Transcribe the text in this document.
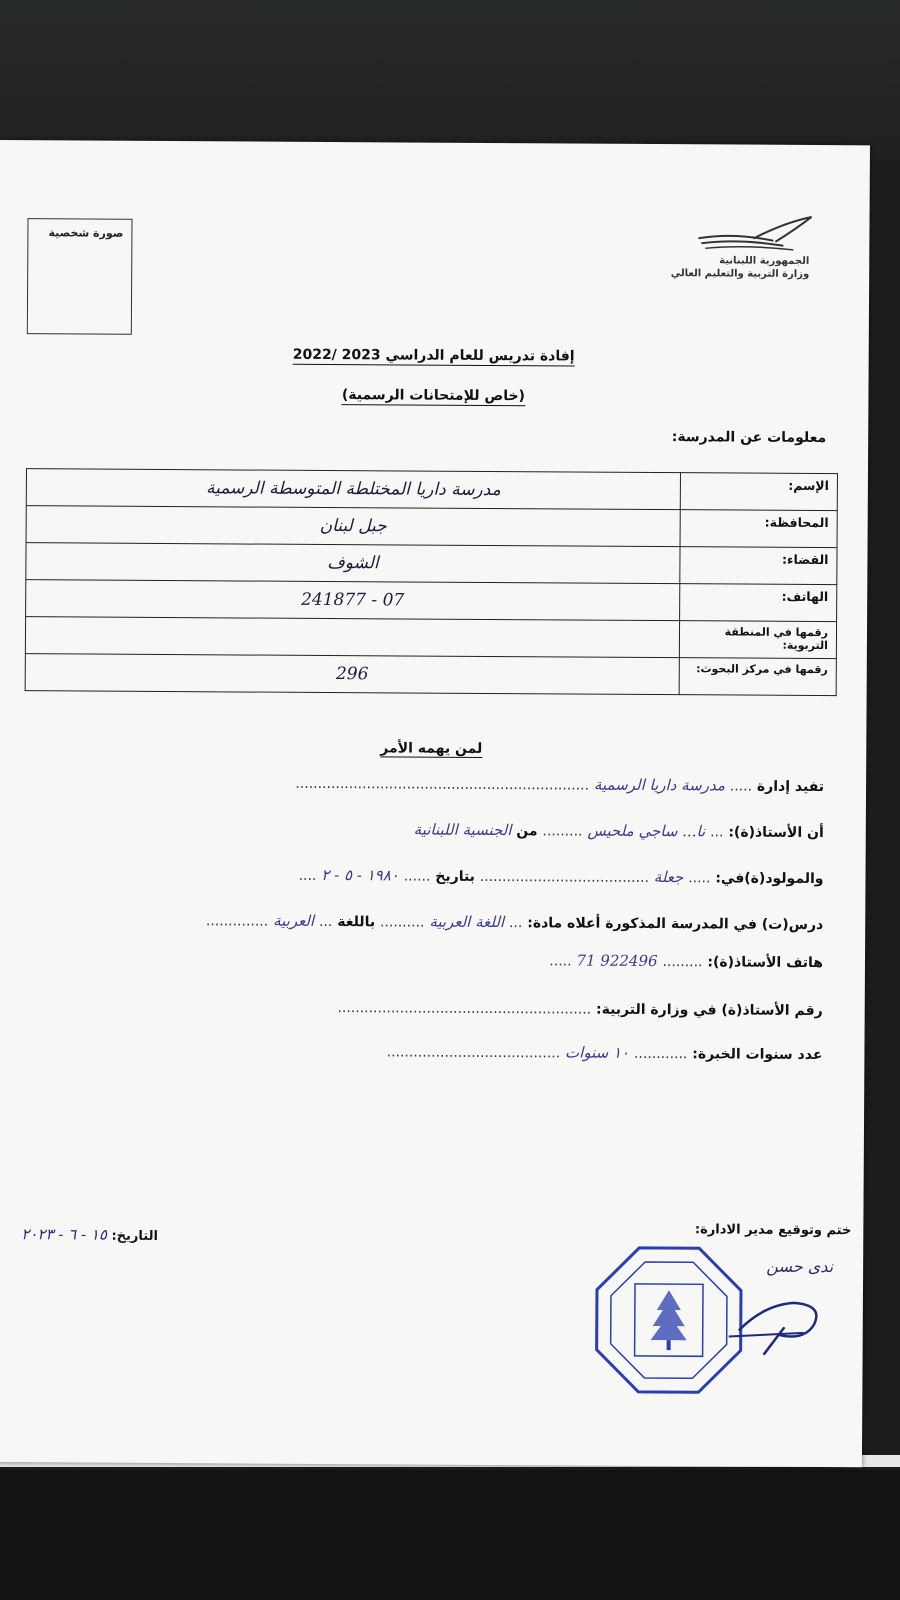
صورة شخصية
الجمهورية اللبنانية
وزارة التربية والتعليم العالي
إفادة تدريس للعام الدراسي 2023 /2022
(خاص للإمتحانات الرسمية)
معلومات عن المدرسة:
الإسم:	مدرسة داريا المختلطة المتوسطة الرسمية
المحافظة:	جبل لبنان
القضاء:	الشوف
الهاتف:	07 - 241877
رقمها في المنطقة التربوية:	
رقمها في مركز البحوث:	296
لمن يهمه الأمر
تفيد إدارة ..... مدرسة داريا الرسمية ..................................................................
أن الأستاذ(ة): ... نا... ساجي ملحيس ......... من الجنسية اللبنانية
والمولود(ة)في: ..... جعلة ...................................... بتاريخ ...... ١٩٨٠ - ٥ - ٢ ....
درس(ت) في المدرسة المذكورة أعلاه مادة: ... اللغة العربية .......... باللغة ... العربية ..............
هاتف الأستاذ(ة): ......... 71 922496 .....
رقم الأستاذ(ة) في وزارة التربية: .........................................................
عدد سنوات الخبرة: ............ ١٠ سنوات .......................................
ختم وتوقيع مدير الادارة:
ندى حسن
التاريخ: ١٥ - ٦ - ٢٠٢٣
